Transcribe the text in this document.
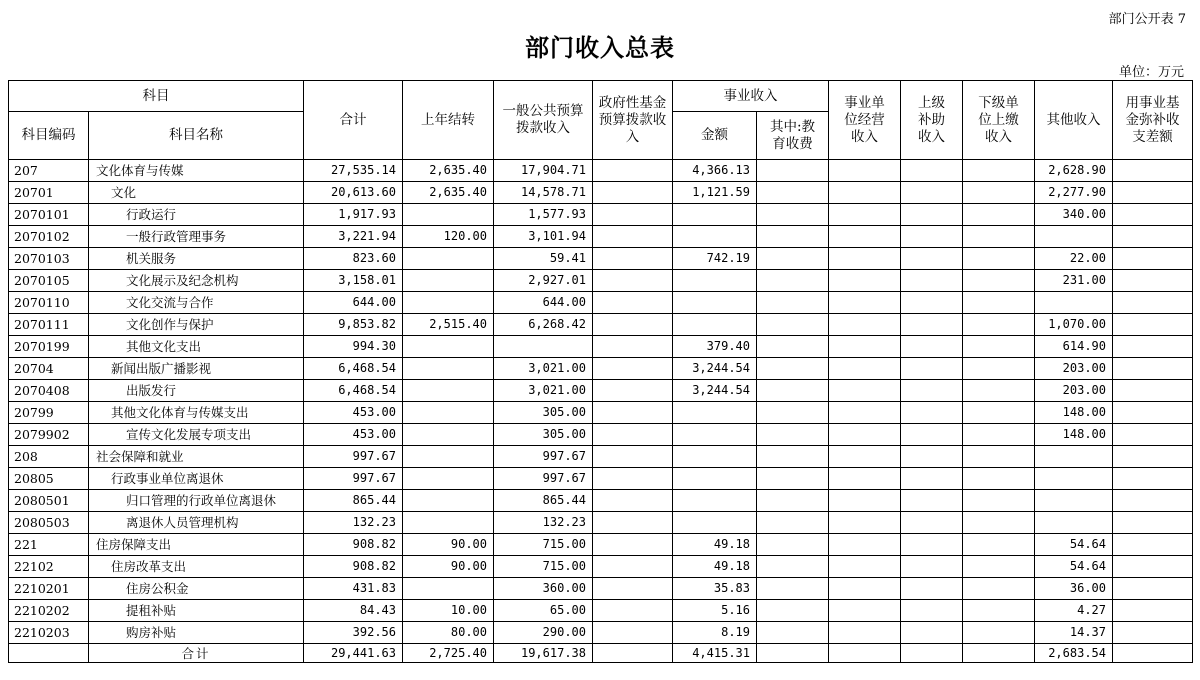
部门公开表 7
部门收入总表
单位：万元
科目		合计	上年结转	一般公共预算拨款收入	政府性基金预算拨款收入	事业收入		事业单位经营收入	上级补助收入	下级单位上缴收入	其他收入	用事业基金弥补收支差额
科目编码	科目名称					金额	其中:教育收费					
207	文化体育与传媒	27,535.14	2,635.40	17,904.71		4,366.13					2,628.90	
20701	文化	20,613.60	2,635.40	14,578.71		1,121.59					2,277.90	
2070101	行政运行	1,917.93		1,577.93							340.00	
2070102	一般行政管理事务	3,221.94	120.00	3,101.94								
2070103	机关服务	823.60		59.41		742.19					22.00	
2070105	文化展示及纪念机构	3,158.01		2,927.01							231.00	
2070110	文化交流与合作	644.00		644.00								
2070111	文化创作与保护	9,853.82	2,515.40	6,268.42							1,070.00	
2070199	其他文化支出	994.30				379.40					614.90	
20704	新闻出版广播影视	6,468.54		3,021.00		3,244.54					203.00	
2070408	出版发行	6,468.54		3,021.00		3,244.54					203.00	
20799	其他文化体育与传媒支出	453.00		305.00							148.00	
2079902	宣传文化发展专项支出	453.00		305.00							148.00	
208	社会保障和就业	997.67		997.67								
20805	行政事业单位离退休	997.67		997.67								
2080501	归口管理的行政单位离退休	865.44		865.44								
2080503	离退休人员管理机构	132.23		132.23								
221	住房保障支出	908.82	90.00	715.00		49.18					54.64	
22102	住房改革支出	908.82	90.00	715.00		49.18					54.64	
2210201	住房公积金	431.83		360.00		35.83					36.00	
2210202	提租补贴	84.43	10.00	65.00		5.16					4.27	
2210203	购房补贴	392.56	80.00	290.00		8.19					14.37	
	合计	29,441.63	2,725.40	19,617.38		4,415.31					2,683.54	
